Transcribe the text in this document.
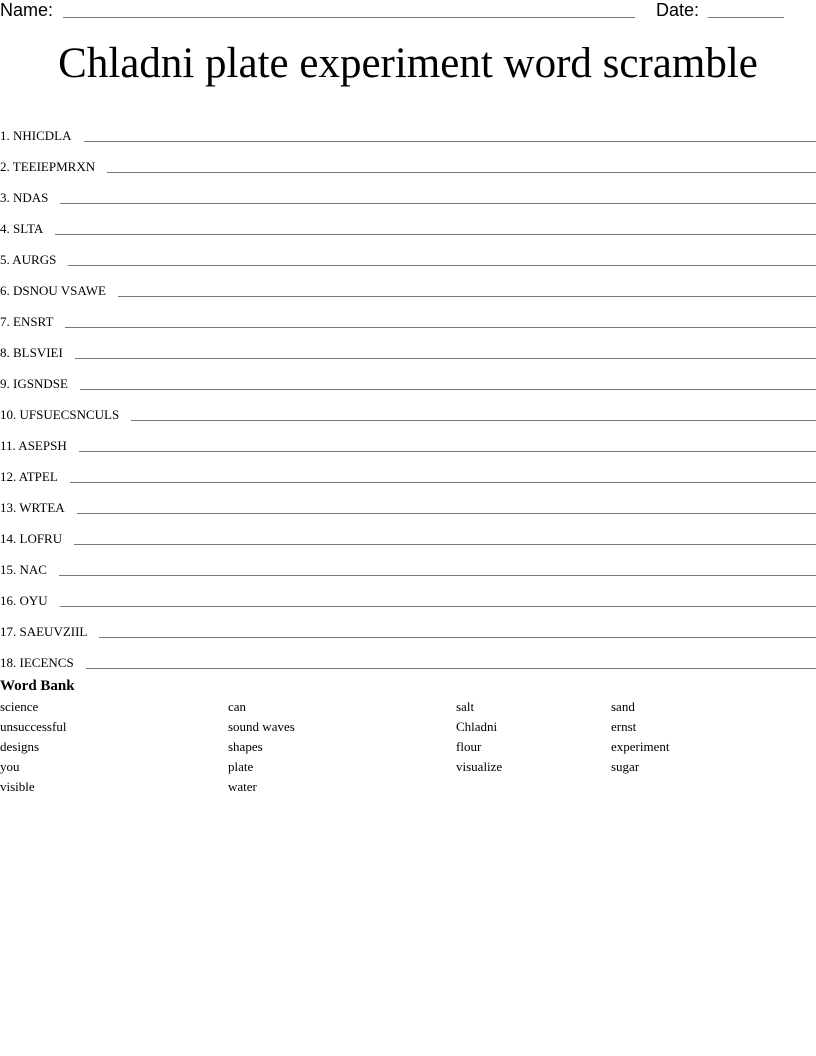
Name:	Date:
Chladni plate experiment word scramble
1. NHICDLA
2. TEEIEPMRXN
3. NDAS
4. SLTA
5. AURGS
6. DSNOU VSAWE
7. ENSRT
8. BLSVIEI
9. IGSNDSE
10. UFSUECSNCULS
11. ASEPSH
12. ATPEL
13. WRTEA
14. LOFRU
15. NAC
16. OYU
17. SAEUVZIIL
18. IECENCS
Word Bank
science
unsuccessful
designs
you
visible
can
sound waves
shapes
plate
water
salt
Chladni
flour
visualize
sand
ernst
experiment
sugar
